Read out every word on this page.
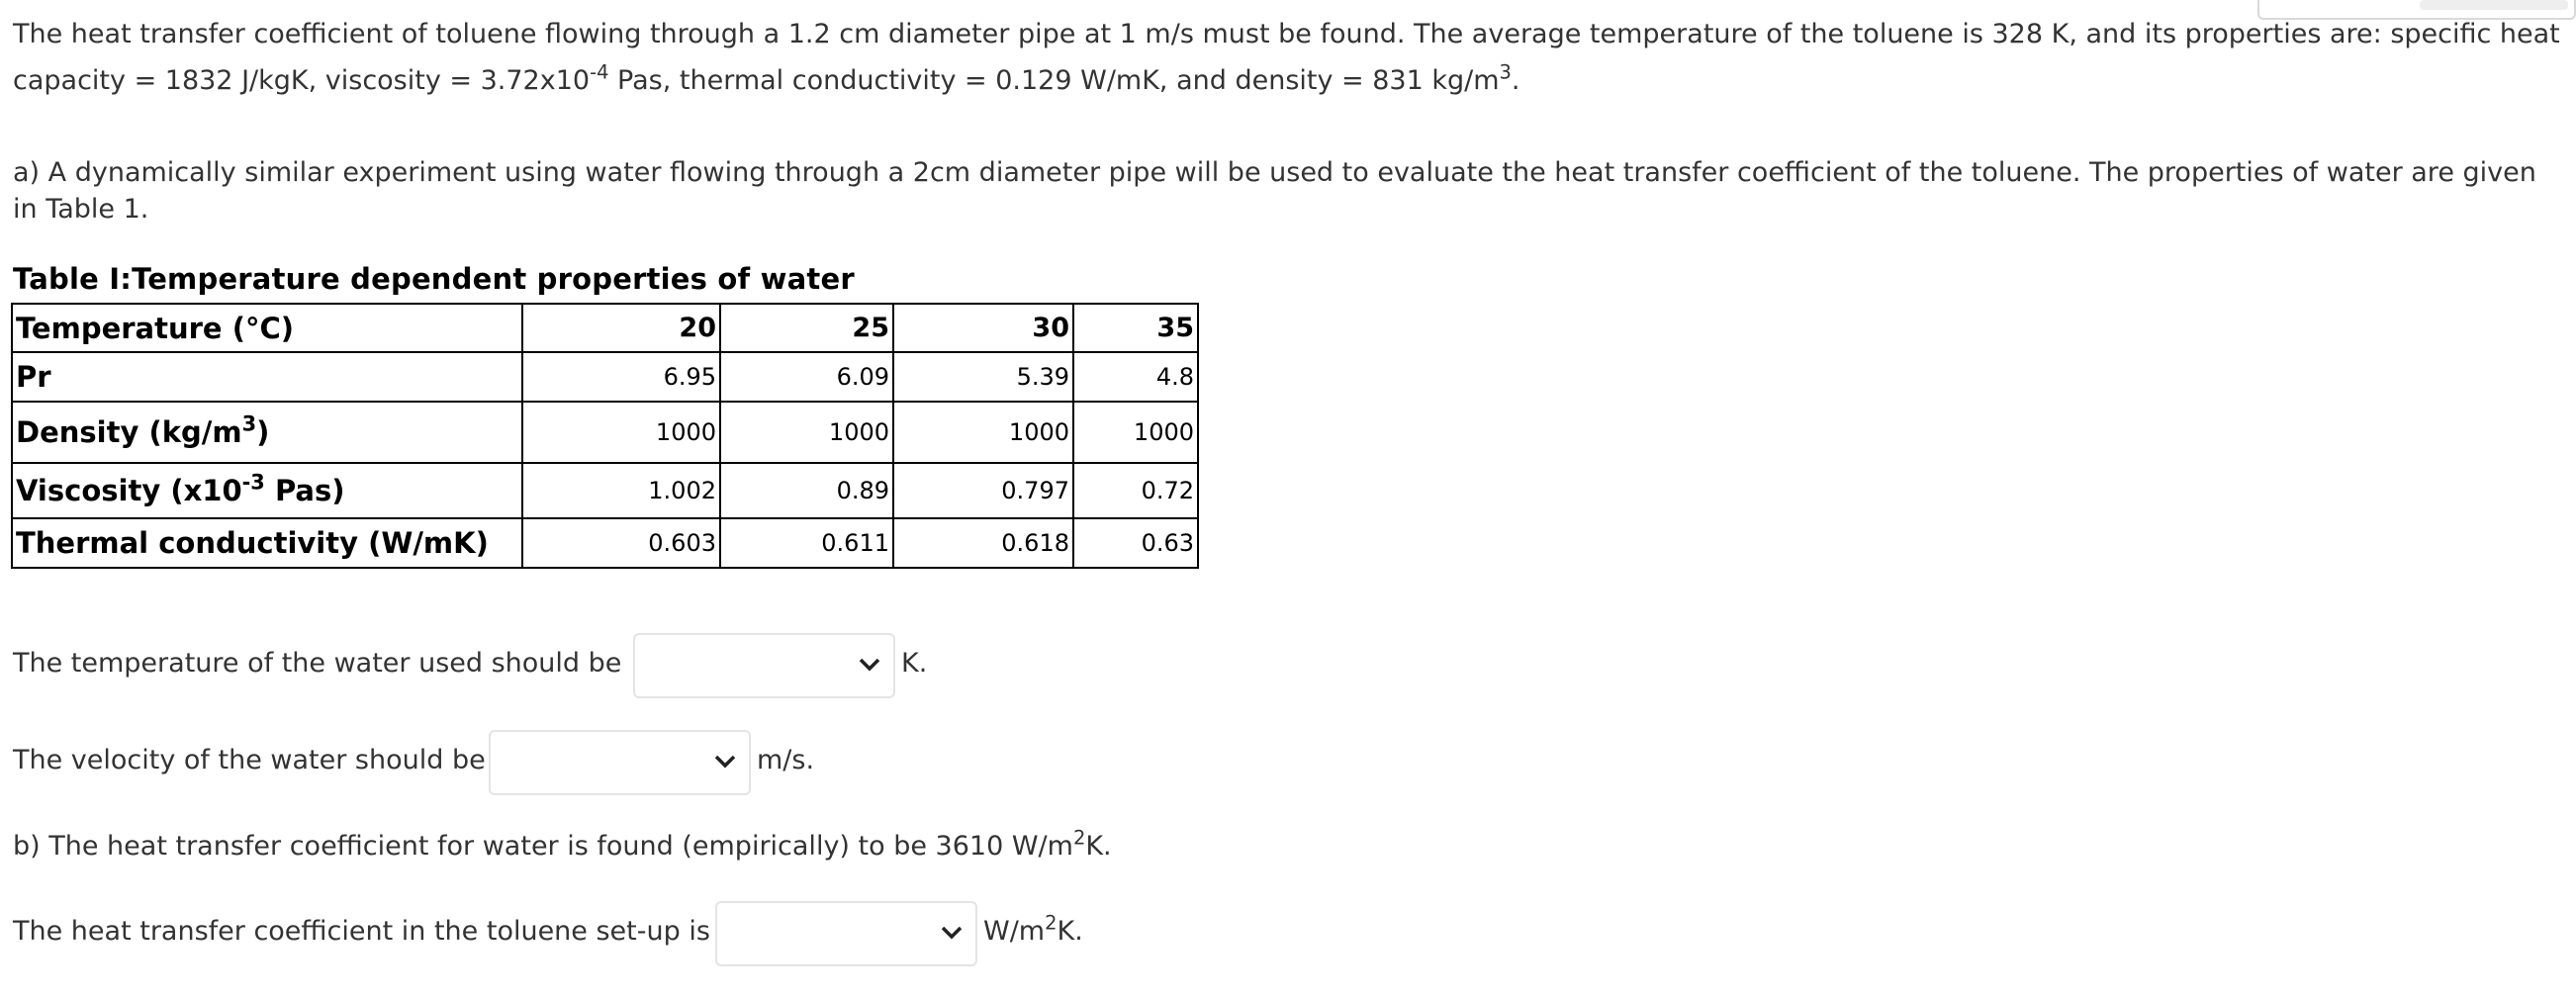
The heat transfer coefficient of toluene flowing through a 1.2 cm diameter pipe at 1 m/s must be found. The average temperature of the toluene is 328 K, and its properties are: specific heat capacity = 1832 J/kgK, viscosity = $3.72x10^{-4}$ Pas, thermal conductivity = 0.129 W/mK, and density = 831 $kg/m^3$.

a) A dynamically similar experiment using water flowing through a 2cm diameter pipe will be used to evaluate the heat transfer coefficient of the toluene. The properties of water are given in Table 1.

Table I:Temperature dependent properties of water
Temperature (°C)	20	25	30	35
Pr	6.95	6.09	5.39	4.8
Density $(kg/m^3)$	1000	1000	1000	1000
Viscosity ($x10^{-3}$ Pas)	1.002	0.89	0.797	0.72
Thermal conductivity (W/mK)	0.603	0.611	0.618	0.63
The temperature of the water used should be	K.
The velocity of the water should be	m/s.
b) The heat transfer coefficient for water is found (empirically) to be 3610 $W/m^2K$.
The heat transfer coefficient in the toluene set-up is	$W/m^2K$.
